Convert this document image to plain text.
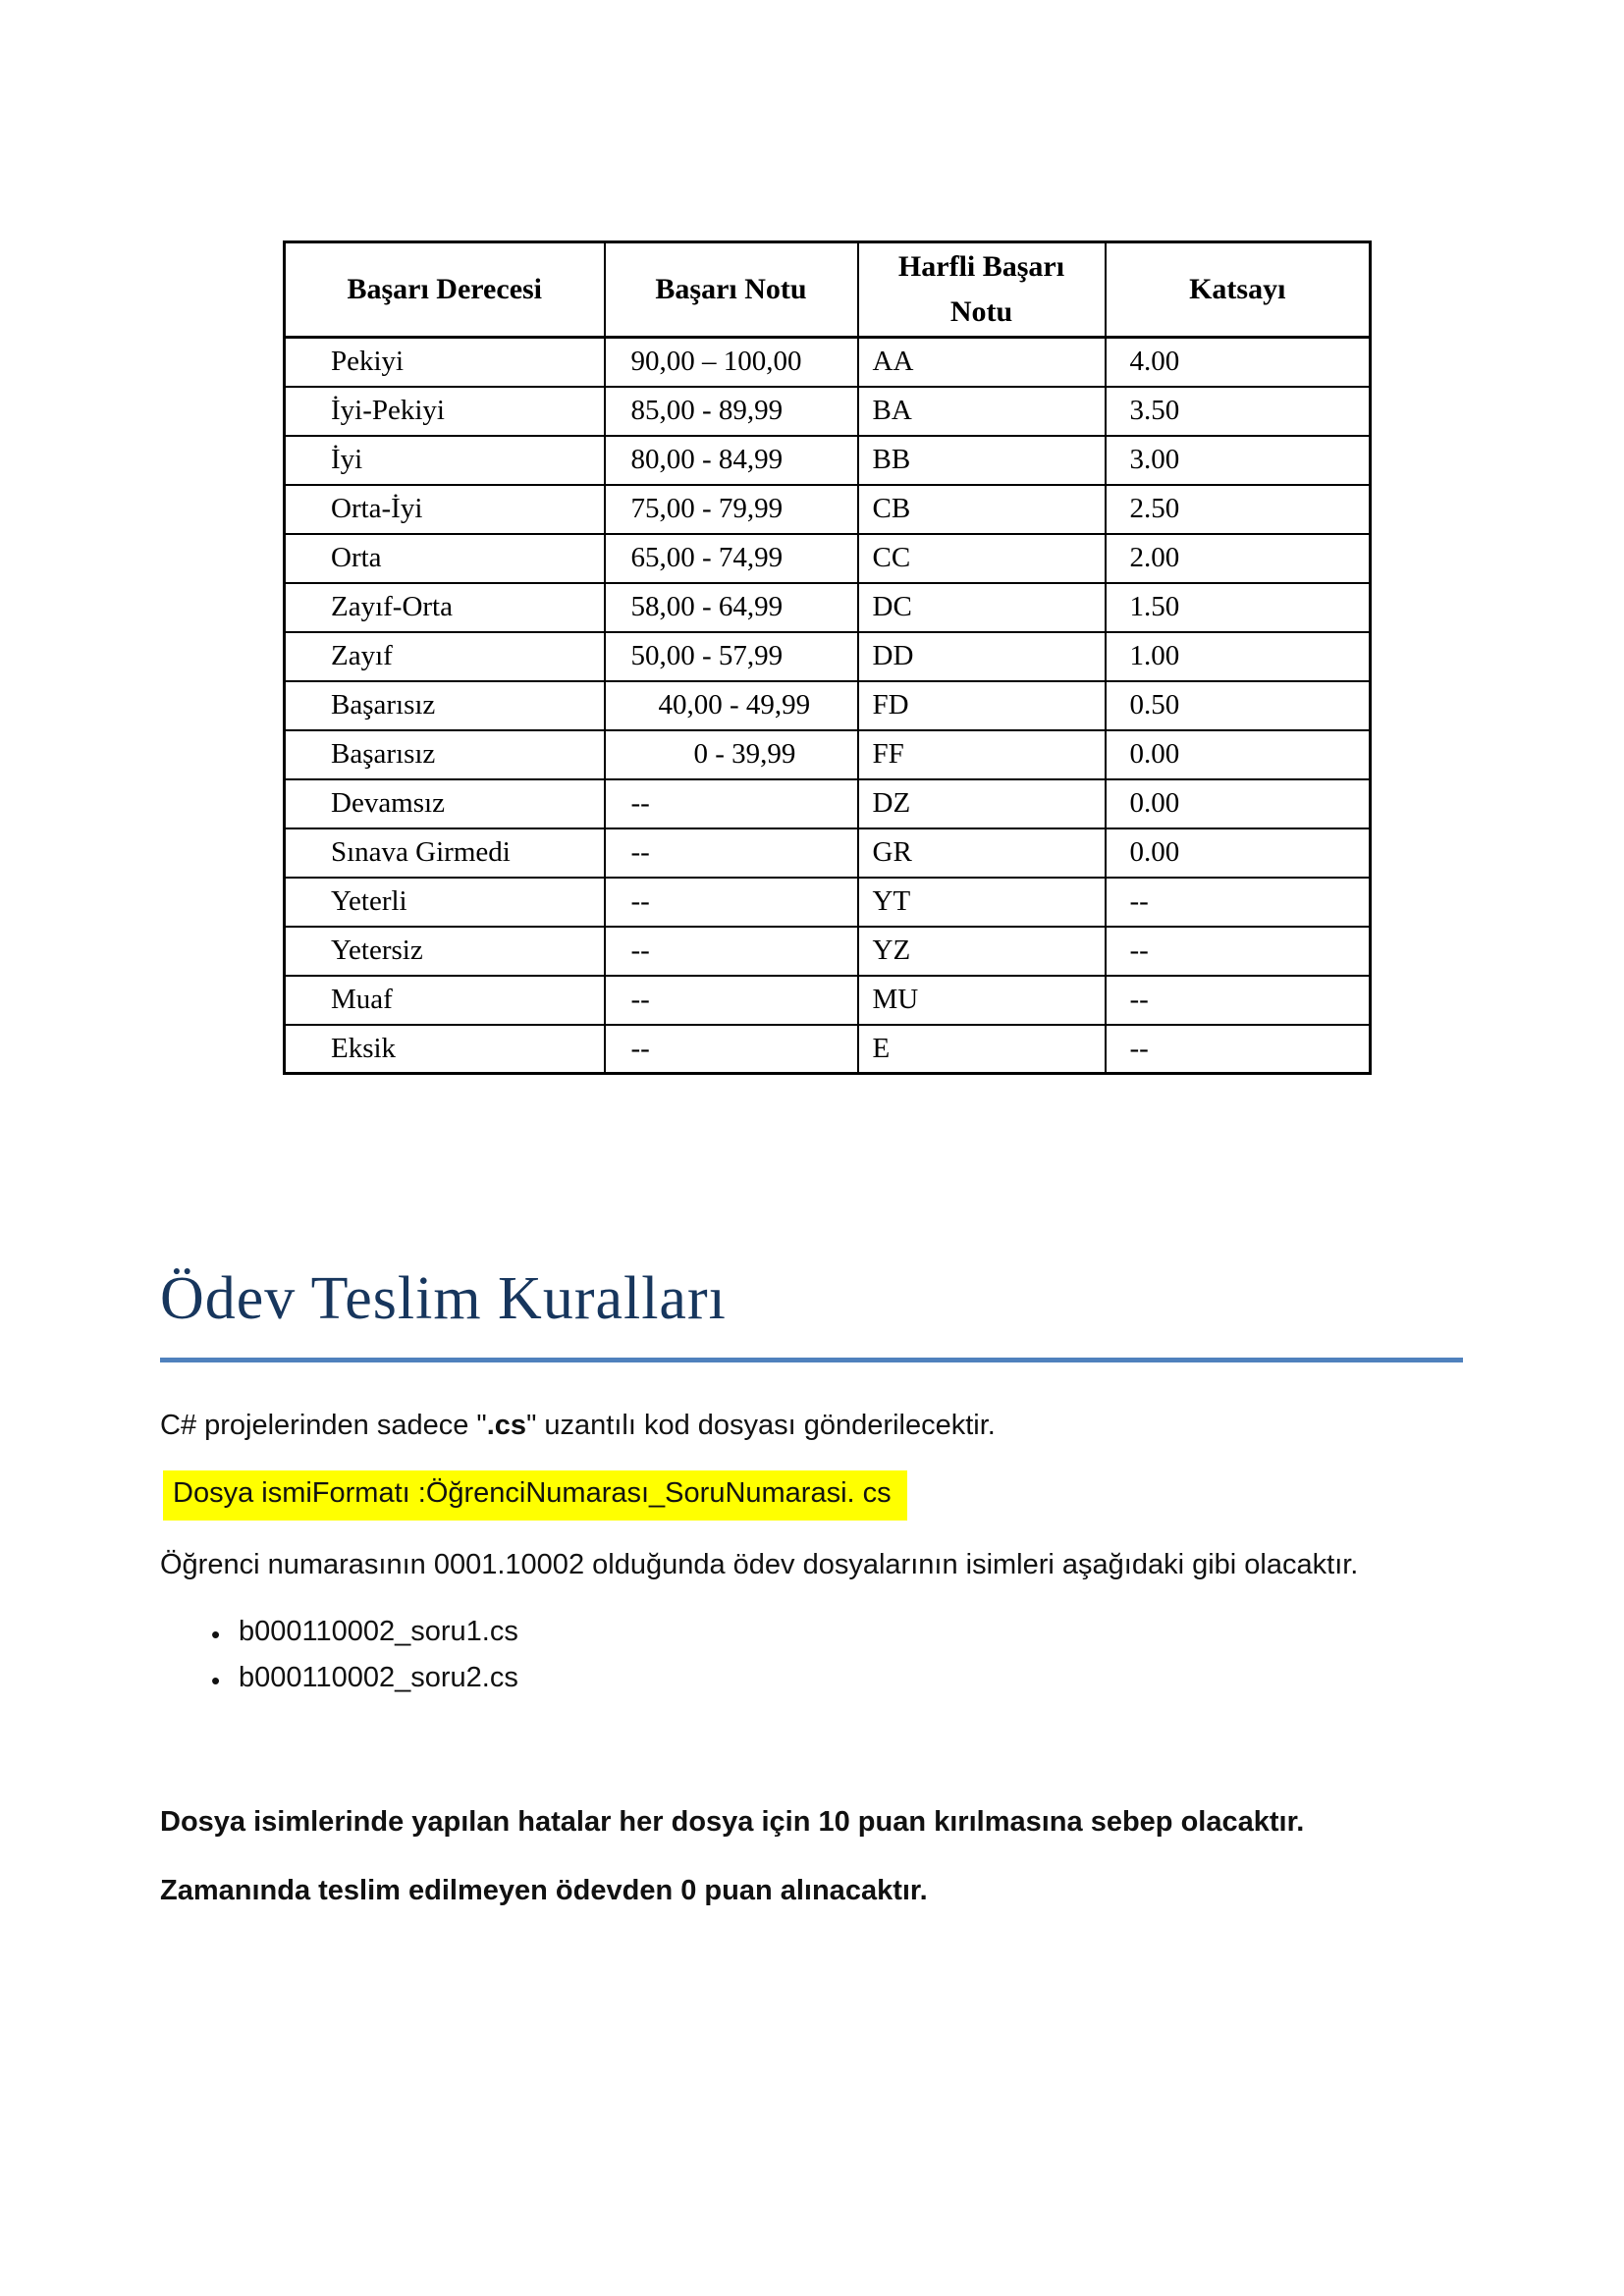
Başarı Derecesi	Başarı Notu	Harfli Başarı Notu	Katsayı
Pekiyi	90,00 – 100,00	AA	4.00
İyi-Pekiyi	85,00 - 89,99	BA	3.50
İyi	80,00 - 84,99	BB	3.00
Orta-İyi	75,00 - 79,99	CB	2.50
Orta	65,00 - 74,99	CC	2.00
Zayıf-Orta	58,00 - 64,99	DC	1.50
Zayıf	50,00 - 57,99	DD	1.00
Başarısız	40,00 - 49,99	FD	0.50
Başarısız	0 - 39,99	FF	0.00
Devamsız	--	DZ	0.00
Sınava Girmedi	--	GR	0.00
Yeterli	--	YT	--
Yetersiz	--	YZ	--
Muaf	--	MU	--
Eksik	--	E	--
Ödev Teslim Kuralları

C# projelerinden sadece ".cs" uzantılı kod dosyası gönderilecektir.

Dosya ismiFormatı :ÖğrenciNumarası_SoruNumarasi. cs

Öğrenci numarasının 0001.10002 olduğunda ödev dosyalarının isimleri aşağıdaki gibi olacaktır.

• b000110002_soru1.cs
• b000110002_soru2.cs

Dosya isimlerinde yapılan hatalar her dosya için 10 puan kırılmasına sebep olacaktır.

Zamanında teslim edilmeyen ödevden 0 puan alınacaktır.
